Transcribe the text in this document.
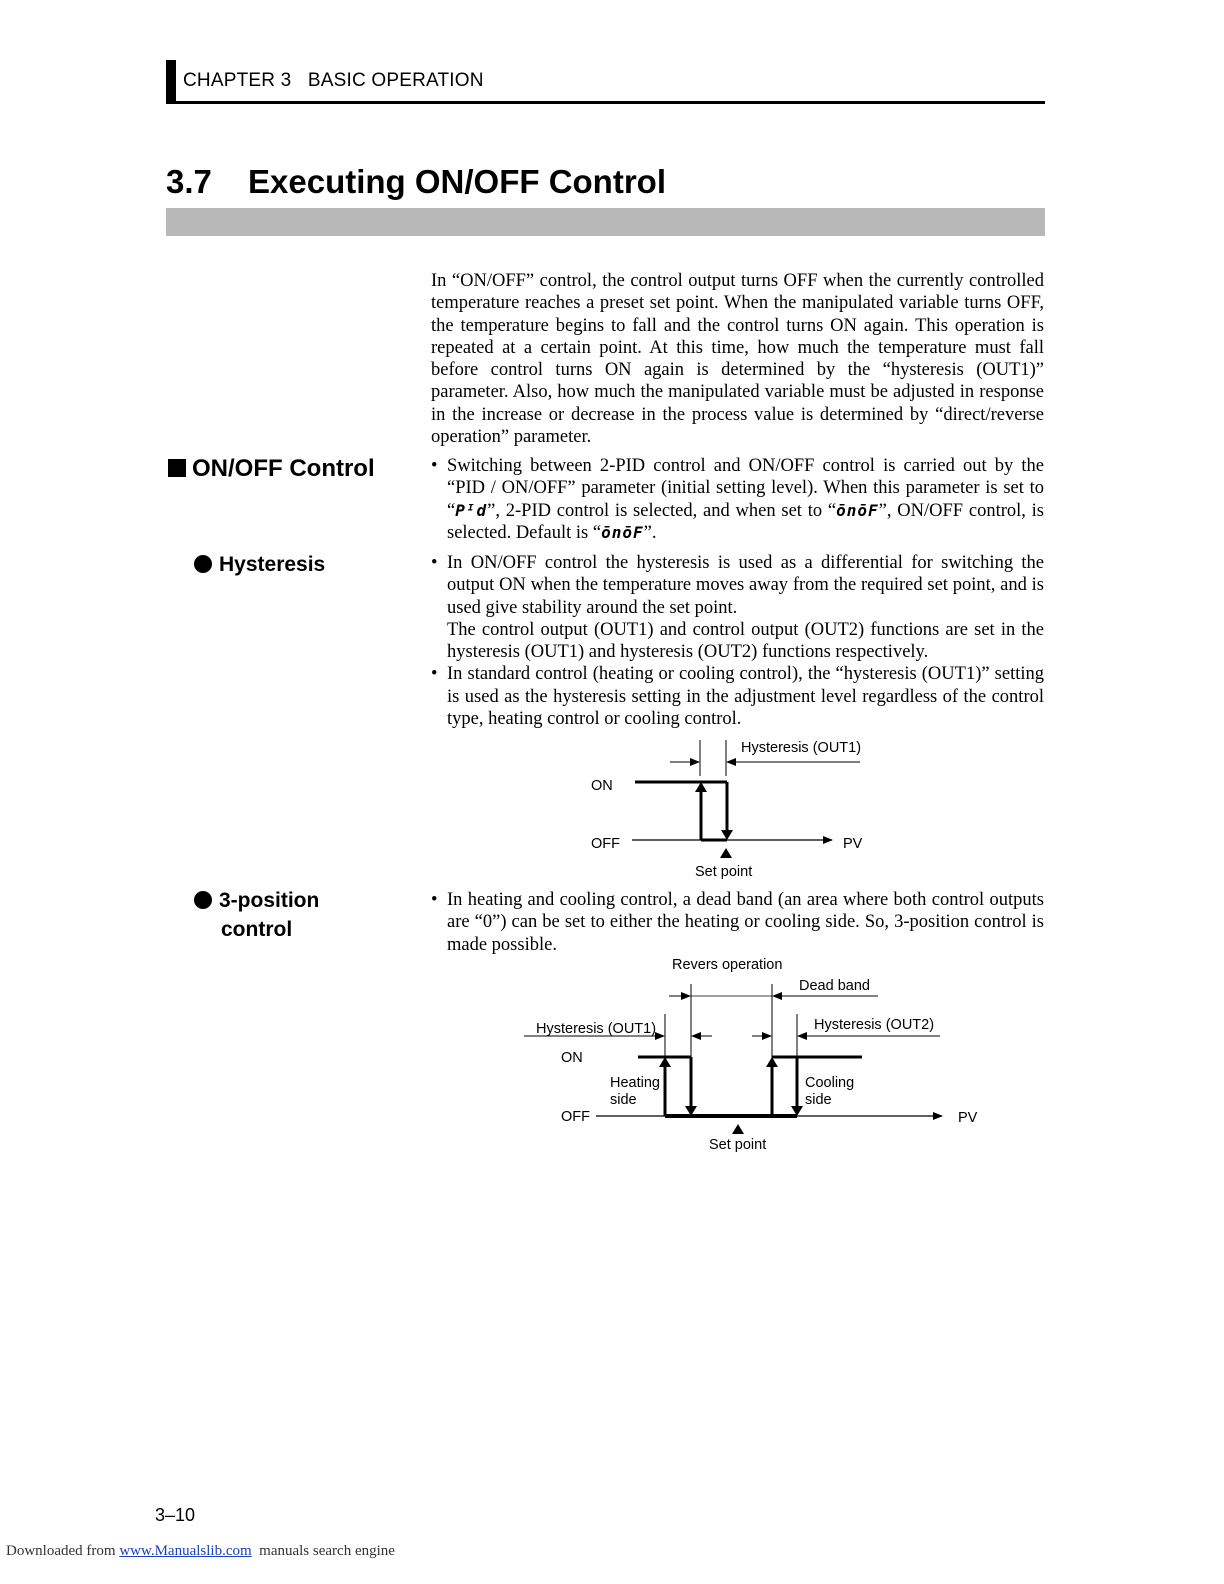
CHAPTER 3   BASIC OPERATION
3.7 Executing ON/OFF Control
In “ON/OFF” control, the control output turns OFF when the currently controlled temperature reaches a preset set point. When the manipulated variable turns OFF, the temperature begins to fall and the control turns ON again. This operation is repeated at a certain point. At this time, how much the temperature must fall before control turns ON again is determined by the “hysteresis (OUT1)” parameter. Also, how much the manipulated variable must be adjusted in response in the increase or decrease in the process value is determined by “direct/reverse operation” parameter.
ON/OFF Control	• Switching between 2-PID control and ON/OFF control is carried out by the “PID / ON/OFF” parameter (initial setting level). When this parameter is set to “Pᴵd”, 2-PID control is selected, and when set to “ōnōF”, ON/OFF control, is selected. Default is “ōnōF”.
Hysteresis	• In ON/OFF control the hysteresis is used as a differential for switching the output ON when the temperature moves away from the required set point, and is used give stability around the set point.
The control output (OUT1) and control output (OUT2) functions are set in the hysteresis (OUT1) and hysteresis (OUT2) functions respectively.
• In standard control (heating or cooling control), the “hysteresis (OUT1)” setting is used as the hysteresis setting in the adjustment level regardless of the control type, heating control or cooling control.
Hysteresis (OUT1)
ON
OFF	PV
Set point
3-position
control
• In heating and cooling control, a dead band (an area where both control outputs are “0”) can be set to either the heating or cooling side. So, 3-position control is made possible.
Revers operation
Dead band
Hysteresis (OUT1)	Hysteresis (OUT2)
ON
OFF
Heating
side
Cooling
side
PV
Set point
3–10
Downloaded from www.Manualslib.com  manuals search engine
